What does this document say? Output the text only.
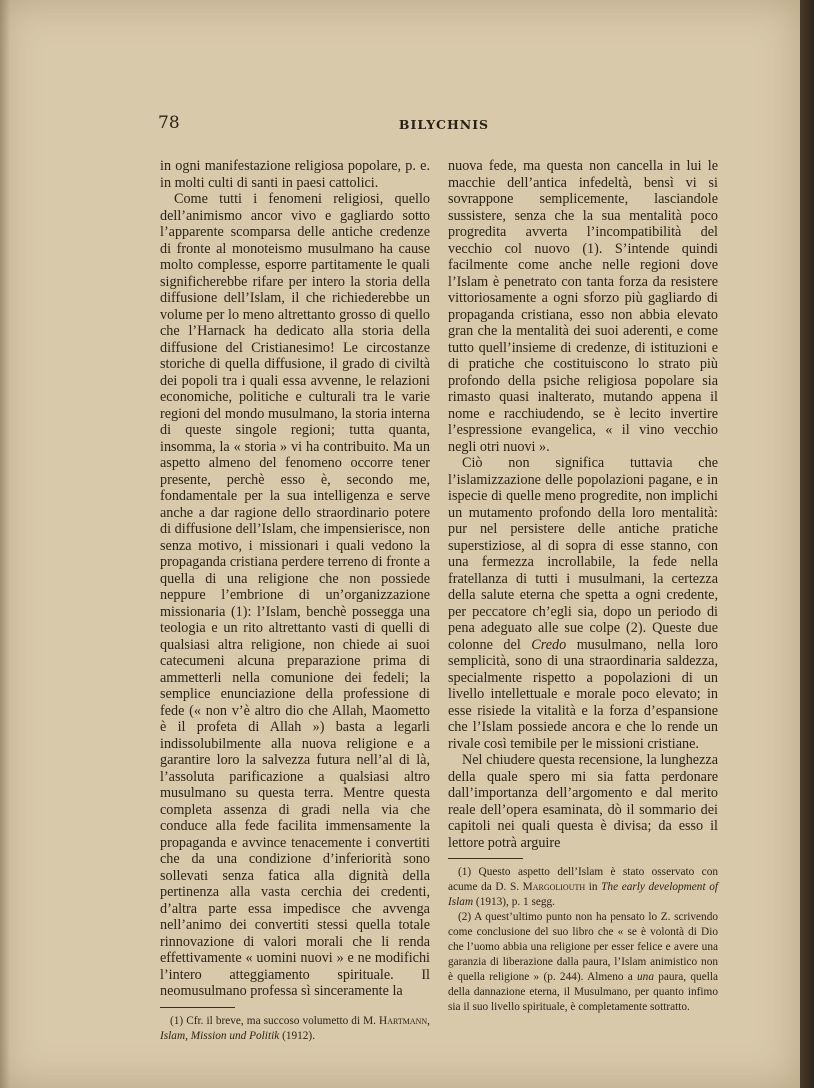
78	BILYCHNIS

in ogni manifestazione religiosa popolare, p. e. in molti culti di santi in paesi cattolici.

Come tutti i fenomeni religiosi, quello dell’animismo ancor vivo e gagliardo sotto l’apparente scomparsa delle antiche credenze di fronte al monoteismo musulmano ha cause molto complesse, esporre partitamente le quali significherebbe rifare per intero la storia della diffusione dell’Islam, il che richiederebbe un volume per lo meno altrettanto grosso di quello che l’Harnack ha dedicato alla storia della diffusione del Cristianesimo! Le circostanze storiche di quella diffusione, il grado di civiltà dei popoli tra i quali essa avvenne, le relazioni economiche, politiche e culturali tra le varie regioni del mondo musulmano, la storia interna di queste singole regioni; tutta quanta, insomma, la « storia » vi ha contribuito. Ma un aspetto almeno del fenomeno occorre tener presente, perchè esso è, secondo me, fondamentale per la sua intelligenza e serve anche a dar ragione dello straordinario potere di diffusione dell’Islam, che impensierisce, non senza motivo, i missionari i quali vedono la propaganda cristiana perdere terreno di fronte a quella di una religione che non possiede neppure l’embrione di un’organizzazione missionaria (1): l’Islam, benchè possegga una teologia e un rito altrettanto vasti di quelli di qualsiasi altra religione, non chiede ai suoi catecumeni alcuna preparazione prima di ammetterli nella comunione dei fedeli; la semplice enunciazione della professione di fede (« non v’è altro dio che Allah, Maometto è il profeta di Allah ») basta a legarli indissolubilmente alla nuova religione e a garantire loro la salvezza futura nell’al di là, l’assoluta parificazione a qualsiasi altro musulmano su questa terra. Mentre questa completa assenza di gradi nella via che conduce alla fede facilita immensamente la propaganda e avvince tenacemente i convertiti che da una condizione d’inferiorità sono sollevati senza fatica alla dignità della pertinenza alla vasta cerchia dei credenti, d’altra parte essa impedisce che avvenga nell’animo dei convertiti stessi quella totale rinnovazione di valori morali che li renda effettivamente « uomini nuovi » e ne modifichi l’intero atteggiamento spirituale. Il neomusulmano professa sì sinceramente la

(1) Cfr. il breve, ma succoso volumetto di M. Hartmann, Islam, Mission und Politik (1912).

nuova fede, ma questa non cancella in lui le macchie dell’antica infedeltà, bensì vi si sovrappone semplicemente, lasciandole sussistere, senza che la sua mentalità poco progredita avverta l’incompatibilità del vecchio col nuovo (1). S’intende quindi facilmente come anche nelle regioni dove l’Islam è penetrato con tanta forza da resistere vittoriosamente a ogni sforzo più gagliardo di propaganda cristiana, esso non abbia elevato gran che la mentalità dei suoi aderenti, e come tutto quell’insieme di credenze, di istituzioni e di pratiche che costituiscono lo strato più profondo della psiche religiosa popolare sia rimasto quasi inalterato, mutando appena il nome e racchiudendo, se è lecito invertire l’espressione evangelica, « il vino vecchio negli otri nuovi ».

Ciò non significa tuttavia che l’islamizzazione delle popolazioni pagane, e in ispecie di quelle meno progredite, non implichi un mutamento profondo della loro mentalità: pur nel persistere delle antiche pratiche superstiziose, al di sopra di esse stanno, con una fermezza incrollabile, la fede nella fratellanza di tutti i musulmani, la certezza della salute eterna che spetta a ogni credente, per peccatore ch’egli sia, dopo un periodo di pena adeguato alle sue colpe (2). Queste due colonne del Credo musulmano, nella loro semplicità, sono di una straordinaria saldezza, specialmente rispetto a popolazioni di un livello intellettuale e morale poco elevato; in esse risiede la vitalità e la forza d’espansione che l’Islam possiede ancora e che lo rende un rivale così temibile per le missioni cristiane.

Nel chiudere questa recensione, la lunghezza della quale spero mi sia fatta perdonare dall’importanza dell’argomento e dal merito reale dell’opera esaminata, dò il sommario dei capitoli nei quali questa è divisa; da esso il lettore potrà arguire

(1) Questo aspetto dell’Islam è stato osservato con acume da D. S. Margoliouth in The early development of Islam (1913), p. 1 segg.

(2) A quest’ultimo punto non ha pensato lo Z. scrivendo come conclusione del suo libro che « se è volontà di Dio che l’uomo abbia una religione per esser felice e avere una garanzia di liberazione dalla paura, l’Islam animistico non è quella religione » (p. 244). Almeno a una paura, quella della dannazione eterna, il Musulmano, per quanto infimo sia il suo livello spirituale, è completamente sottratto.
